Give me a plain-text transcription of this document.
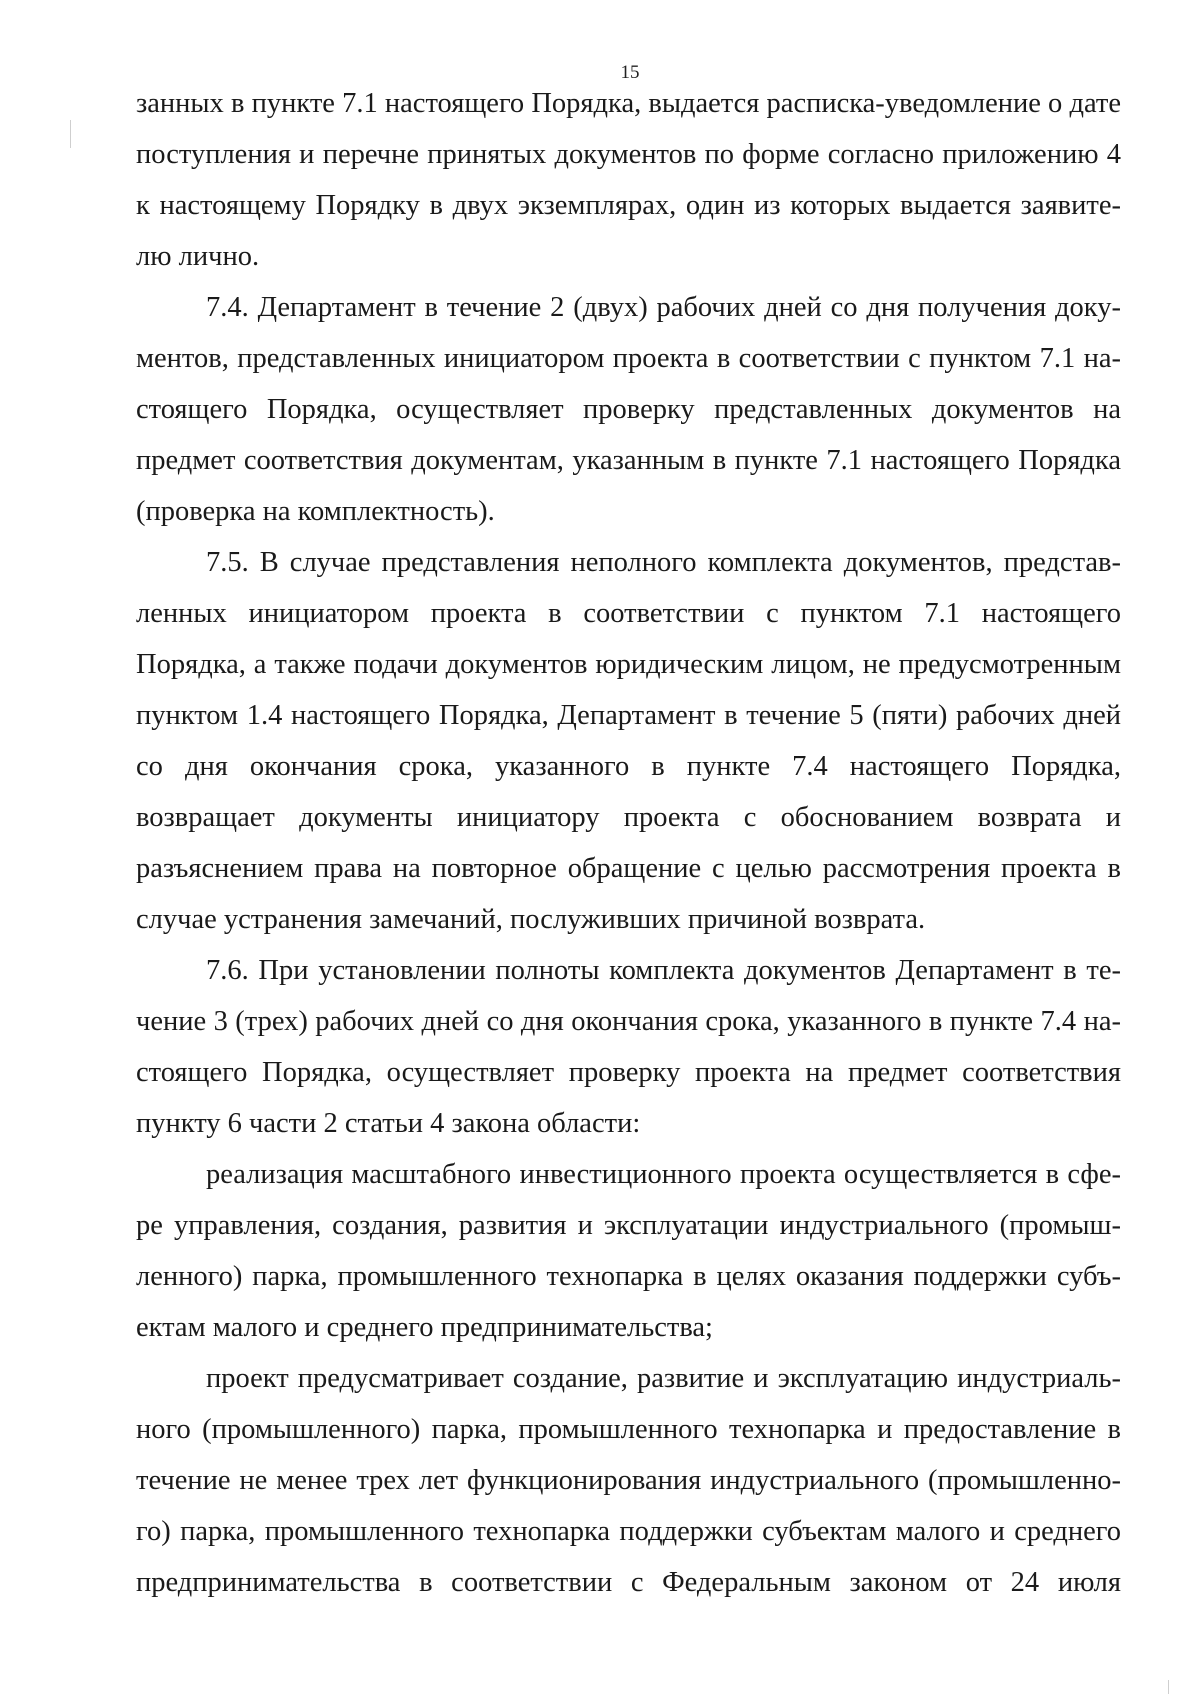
15

занных в пункте 7.1 настоящего Порядка, выдается расписка-уведомление о дате поступления и перечне принятых документов по форме согласно приложению 4 к настоящему Порядку в двух экземплярах, один из которых выдается заявителю лично.

7.4. Департамент в течение 2 (двух) рабочих дней со дня получения документов, представленных инициатором проекта в соответствии с пунктом 7.1 настоящего Порядка, осуществляет проверку представленных документов на предмет соответствия документам, указанным в пункте 7.1 настоящего Порядка (проверка на комплектность).

7.5. В случае представления неполного комплекта документов, представленных инициатором проекта в соответствии с пунктом 7.1 настоящего Порядка, а также подачи документов юридическим лицом, не предусмотренным пунктом 1.4 настоящего Порядка, Департамент в течение 5 (пяти) рабочих дней со дня окончания срока, указанного в пункте 7.4 настоящего Порядка, возвращает документы инициатору проекта с обоснованием возврата и разъяснением права на повторное обращение с целью рассмотрения проекта в случае устранения замечаний, послуживших причиной возврата.

7.6. При установлении полноты комплекта документов Департамент в течение 3 (трех) рабочих дней со дня окончания срока, указанного в пункте 7.4 настоящего Порядка, осуществляет проверку проекта на предмет соответствия пункту 6 части 2 статьи 4 закона области:

реализация масштабного инвестиционного проекта осуществляется в сфере управления, создания, развития и эксплуатации индустриального (промышленного) парка, промышленного технопарка в целях оказания поддержки субъектам малого и среднего предпринимательства;

проект предусматривает создание, развитие и эксплуатацию индустриального (промышленного) парка, промышленного технопарка и предоставление в течение не менее трех лет функционирования индустриального (промышленного) парка, промышленного технопарка поддержки субъектам малого и среднего предпринимательства в соответствии с Федеральным законом от 24 июля
